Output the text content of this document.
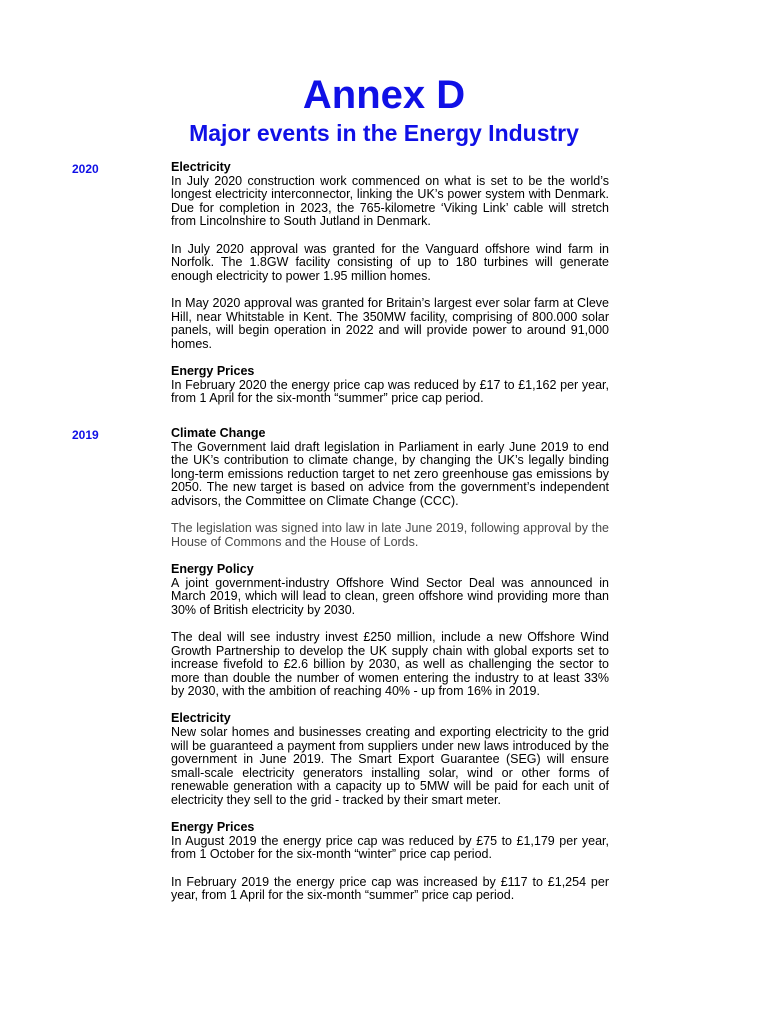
Annex D
Major events in the Energy Industry
2020	Electricity

In July 2020 construction work commenced on what is set to be the world’s longest electricity interconnector, linking the UK’s power system with Denmark. Due for completion in 2023, the 765-kilometre ‘Viking Link’ cable will stretch from Lincolnshire to South Jutland in Denmark.

In July 2020 approval was granted for the Vanguard offshore wind farm in Norfolk. The 1.8GW facility consisting of up to 180 turbines will generate enough electricity to power 1.95 million homes.

In May 2020 approval was granted for Britain’s largest ever solar farm at Cleve Hill, near Whitstable in Kent. The 350MW facility, comprising of 800.000 solar panels, will begin operation in 2022 and will provide power to around 91,000 homes.

Energy Prices

In February 2020 the energy price cap was reduced by £17 to £1,162 per year, from 1 April for the six-month “summer” price cap period.

2019	Climate Change

The Government laid draft legislation in Parliament in early June 2019 to end the UK’s contribution to climate change, by changing the UK’s legally binding long-term emissions reduction target to net zero greenhouse gas emissions by 2050. The new target is based on advice from the government’s independent advisors, the Committee on Climate Change (CCC).

The legislation was signed into law in late June 2019, following approval by the House of Commons and the House of Lords.

Energy Policy

A joint government-industry Offshore Wind Sector Deal was announced in March 2019, which will lead to clean, green offshore wind providing more than 30% of British electricity by 2030.

The deal will see industry invest £250 million, include a new Offshore Wind Growth Partnership to develop the UK supply chain with global exports set to increase fivefold to £2.6 billion by 2030, as well as challenging the sector to more than double the number of women entering the industry to at least 33% by 2030, with the ambition of reaching 40% - up from 16% in 2019.

Electricity

New solar homes and businesses creating and exporting electricity to the grid will be guaranteed a payment from suppliers under new laws introduced by the government in June 2019. The Smart Export Guarantee (SEG) will ensure small-scale electricity generators installing solar, wind or other forms of renewable generation with a capacity up to 5MW will be paid for each unit of electricity they sell to the grid - tracked by their smart meter.

Energy Prices

In August 2019 the energy price cap was reduced by £75 to £1,179 per year, from 1 October for the six-month “winter” price cap period.

In February 2019 the energy price cap was increased by £117 to £1,254 per year, from 1 April for the six-month “summer” price cap period.
